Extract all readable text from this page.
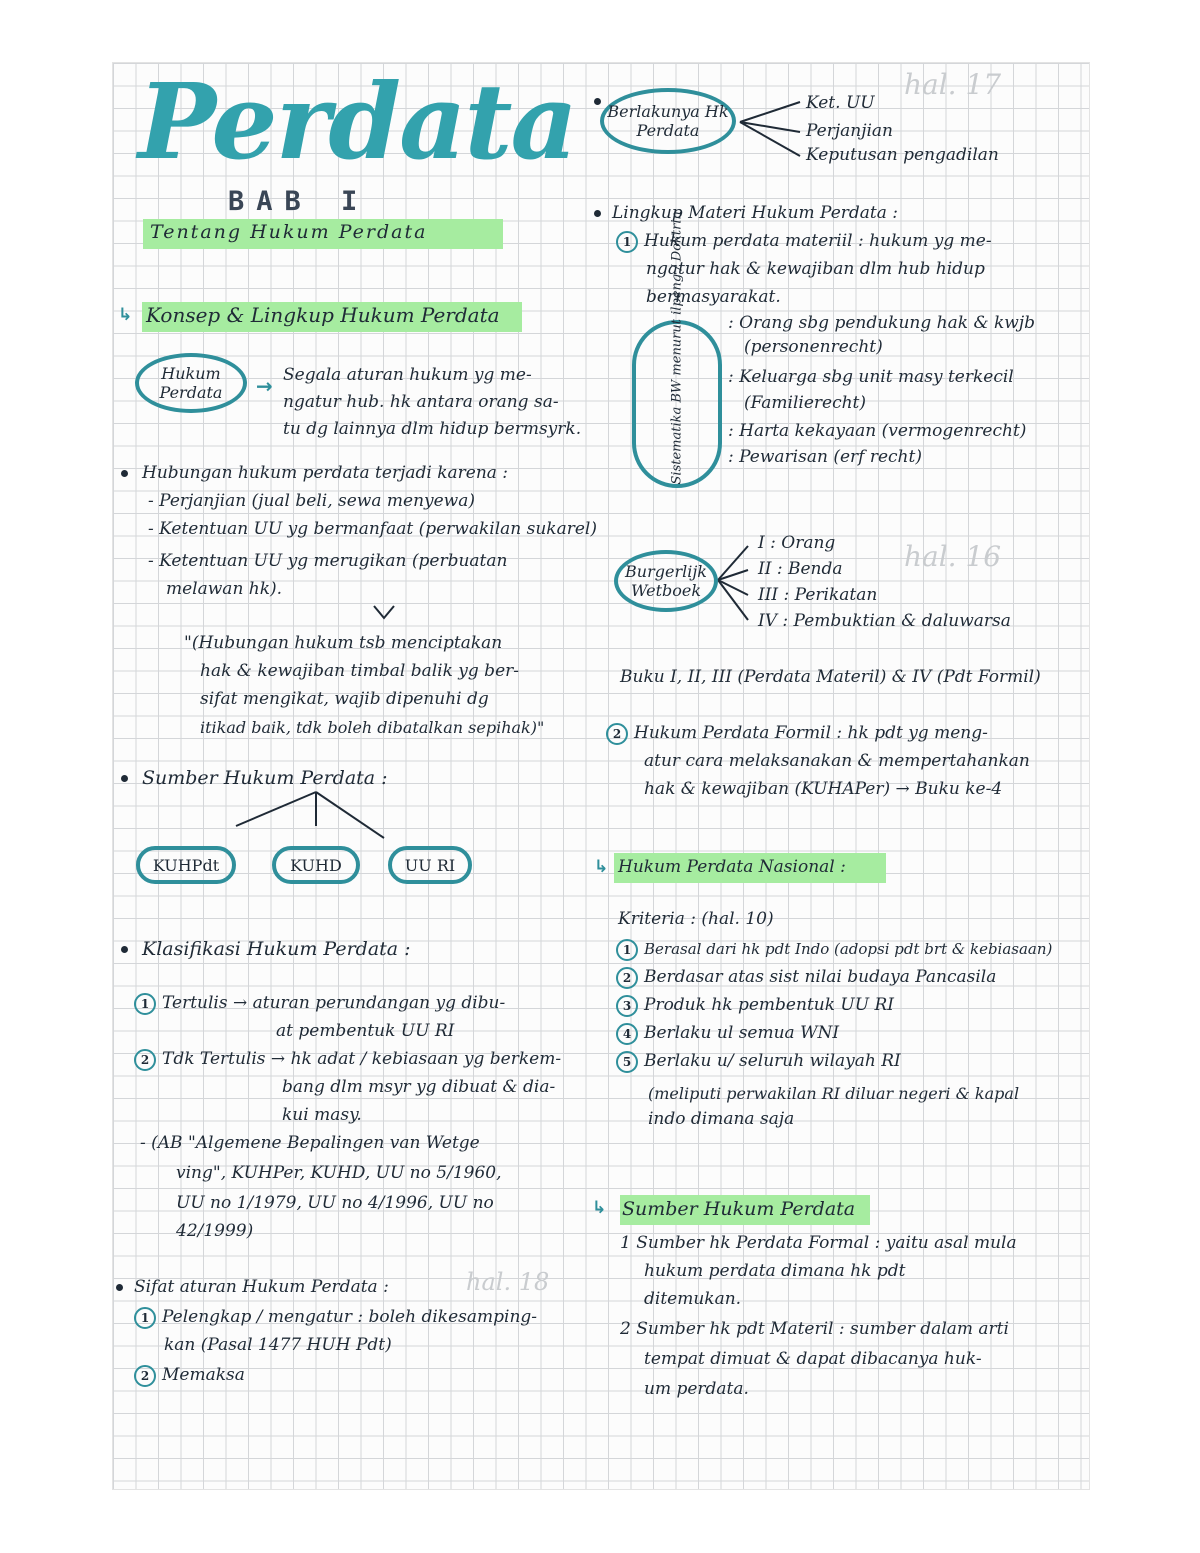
Perdata
BAB I
Tentang Hukum Perdata
↳ Konsep & Lingkup Hukum Perdata
Hukum Perdata	→ Segala aturan hukum yg me-
ngatur hub. hk antara orang sa-
tu dg lainnya dlm hidup bermsyrk.
Hubungan hukum perdata terjadi karena :
- Perjanjian (jual beli, sewa menyewa)
- Ketentuan UU yg bermanfaat (perwakilan sukarel)
- Ketentuan UU yg merugikan (perbuatan
melawan hk).
"(Hubungan hukum tsb menciptakan
hak & kewajiban timbal balik yg ber-
sifat mengikat, wajib dipenuhi dg
itikad baik, tdk boleh dibatalkan sepihak)"
Sumber Hukum Perdata :
KUHPdt	KUHD	UU RI
Klasifikasi Hukum Perdata :
1 Tertulis → aturan perundangan yg dibu-
at pembentuk UU RI
2 Tdk Tertulis → hk adat / kebiasaan yg berkem-
bang dlm msyr yg dibuat & dia-
kui masy.
- (AB "Algemene Bepalingen van Wetge
ving", KUHPer, KUHD, UU no 5/1960,
UU no 1/1979, UU no 4/1996, UU no
42/1999)
Sifat aturan Hukum Perdata :	hal. 18
1 Pelengkap / mengatur : boleh dikesamping-
kan (Pasal 1477 HUH Pdt)
2 Memaksa
Berlakunya Hk Perdata
Ket. UU
Perjanjian
Keputusan pengadilan
hal. 17
Lingkup Materi Hukum Perdata :
1 Hukum perdata materiil : hukum yg me-
ngatur hak & kewajiban dlm hub hidup
bermasyarakat.
Sistematika BW menurut ilpeng / Doktrin	: Orang sbg pendukung hak & kwjb
(personenrecht)
: Keluarga sbg unit masy terkecil
(Familierecht)
: Harta kekayaan (vermogenrecht)
: Pewarisan (erf recht)
Burgerlijk Wetboek
I : Orang
II : Benda
III : Perikatan
IV : Pembuktian & daluwarsa
hal. 16
Buku I, II, III (Perdata Materil) & IV (Pdt Formil)
2 Hukum Perdata Formil : hk pdt yg meng-
atur cara melaksanakan & mempertahankan
hak & kewajiban (KUHAPer) → Buku ke-4
↳ Hukum Perdata Nasional :
Kriteria : (hal. 10)
1 Berasal dari hk pdt Indo (adopsi pdt brt & kebiasaan)
2 Berdasar atas sist nilai budaya Pancasila
3 Produk hk pembentuk UU RI
4 Berlaku ul semua WNI
5 Berlaku u/ seluruh wilayah RI
(meliputi perwakilan RI diluar negeri & kapal
indo dimana saja
↳ Sumber Hukum Perdata
1 Sumber hk Perdata Formal : yaitu asal mula
hukum perdata dimana hk pdt
ditemukan.
2 Sumber hk pdt Materil : sumber dalam arti
tempat dimuat & dapat dibacanya huk-
um perdata.
